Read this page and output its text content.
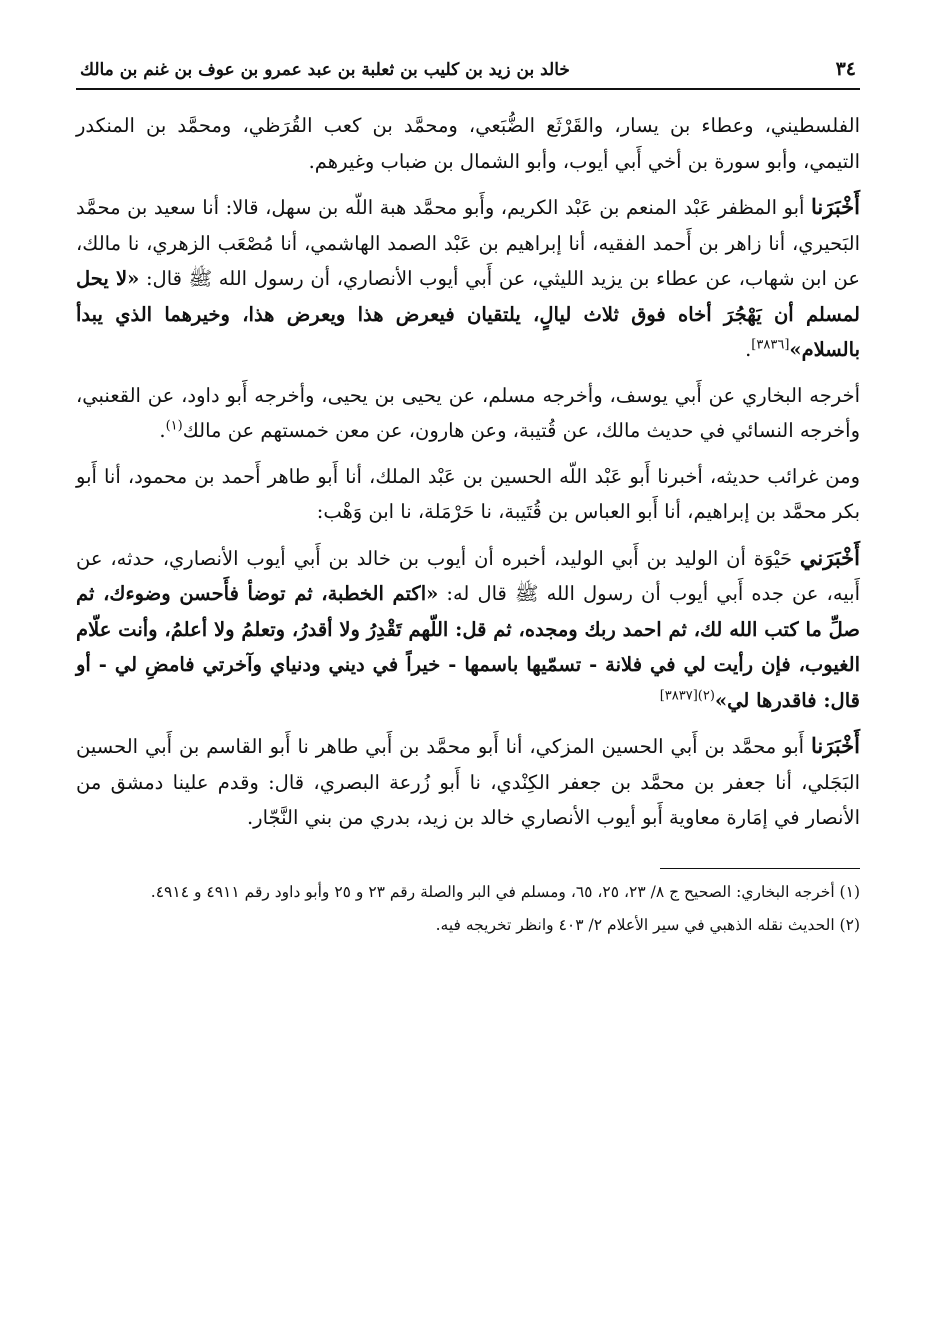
٣٤
خالد بن زيد بن كليب بن ثعلبة بن عبد عمرو بن عوف بن غنم بن مالك

الفلسطيني، وعطاء بن يسار، والقَرْثَع الضُّبَعي، ومحمَّد بن كعب القُرَظي، ومحمَّد بن المنكدر التيمي، وأبو سورة بن أخي أَبي أيوب، وأبو الشمال بن ضباب وغيرهم.

أَخْبَرَنا أبو المظفر عَبْد المنعم بن عَبْد الكريم، وأَبو محمَّد هبة اللّه بن سهل، قالا: أنا سعيد بن محمَّد البَحيري، أنا زاهر بن أَحمد الفقيه، أنا إبراهيم بن عَبْد الصمد الهاشمي، أنا مُصْعَب الزهري، نا مالك، عن ابن شهاب، عن عطاء بن يزيد الليثي، عن أَبي أيوب الأنصاري، أن رسول الله ﷺ قال: «لا يحل لمسلم أن يَهْجُرَ أخاه فوق ثلاث ليالٍ، يلتقيان فيعرض هذا ويعرض هذا، وخيرهما الذي يبدأ بالسلام»[٣٨٣٦].

أخرجه البخاري عن أَبي يوسف، وأخرجه مسلم، عن يحيى بن يحيى، وأخرجه أَبو داود، عن القعنبي، وأخرجه النسائي في حديث مالك، عن قُتيبة، وعن هارون، عن معن خمستهم عن مالك$^{(١)}$.

ومن غرائب حديثه، أخبرنا أَبو عَبْد اللّه الحسين بن عَبْد الملك، أنا أَبو طاهر أَحمد بن محمود، أنا أَبو بكر محمَّد بن إبراهيم، أنا أَبو العباس بن قُتَيبة، نا حَرْمَلة، نا ابن وَهْب:

أَخْبَرَني حَيْوَة أن الوليد بن أَبي الوليد، أخبره أن أيوب بن خالد بن أَبي أيوب الأنصاري، حدثه، عن أَبيه، عن جده أَبي أيوب أن رسول الله ﷺ قال له: «اكتم الخطبة، ثم توضأ فأَحسن وضوءك، ثم صلِّ ما كتب الله لك، ثم احمد ربك ومجده، ثم قل: اللّهم تَقْدِرُ ولا أقدرُ، وتعلمُ ولا أعلمُ، وأنت علّام الغيوب، فإن رأيت لي في فلانة - تسمّيها باسمها - خيراً في ديني ودنياي وآخرتي فامضِ لي - أو قال: فاقدرها لي»$^{(٢)[٣٨٣٧]}$

أَخْبَرَنا أَبو محمَّد بن أَبي الحسين المزكي، أنا أَبو محمَّد بن أَبي طاهر نا أَبو القاسم بن أَبي الحسين البَجَلي، أنا جعفر بن محمَّد بن جعفر الكِنْدي، نا أَبو زُرعة البصري، قال: وقدم علينا دمشق من الأنصار في إمَارة معاوية أَبو أيوب الأنصاري خالد بن زيد، بدري من بني النَّجّار.

(١) أخرجه البخاري: الصحيح ج ٨/ ٢٣، ٢٥، ٦٥، ومسلم في البر والصلة رقم ٢٣ و ٢٥ وأبو داود رقم ٤٩١١ و ٤٩١٤.

(٢) الحديث نقله الذهبي في سير الأعلام ٢/ ٤٠٣ وانظر تخريجه فيه.
